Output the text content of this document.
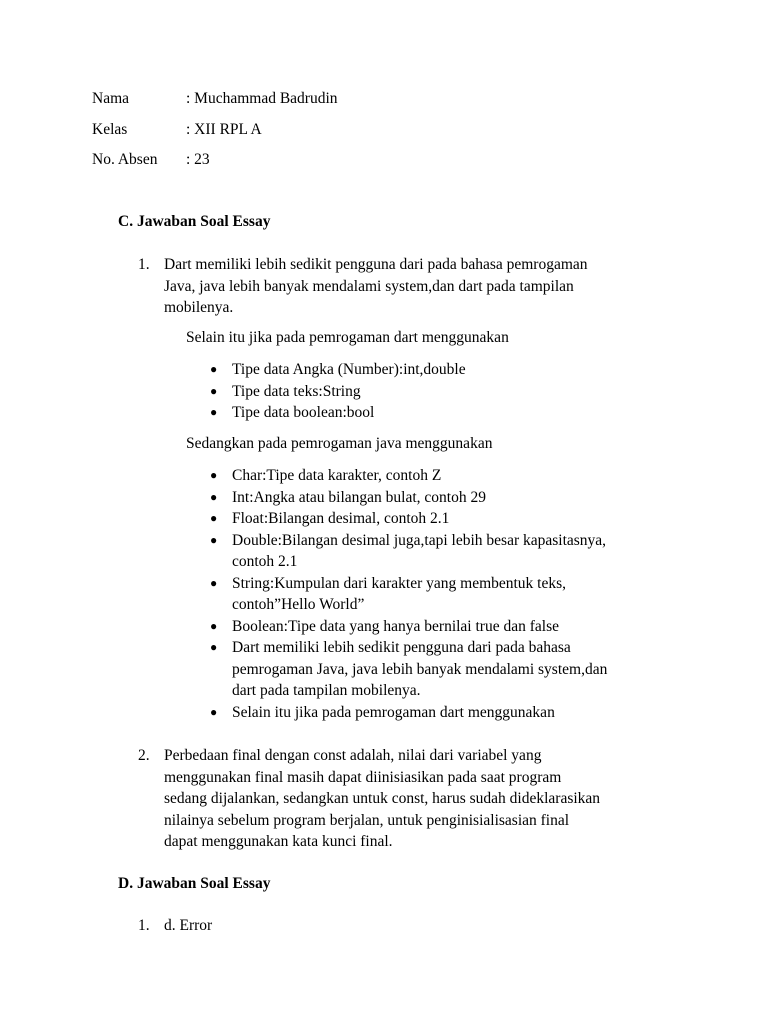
Nama	: Muchammad Badrudin
Kelas	: XII RPL A
No. Absen : 23
C. Jawaban Soal Essay
1. Dart memiliki lebih sedikit pengguna dari pada bahasa pemrogaman
Java, java lebih banyak mendalami system,dan dart pada tampilan
mobilenya.
Selain itu jika pada pemrogaman dart menggunakan
● Tipe data Angka (Number):int,double
● Tipe data teks:String
● Tipe data boolean:bool
Sedangkan pada pemrogaman java menggunakan
● Char:Tipe data karakter, contoh Z
● Int:Angka atau bilangan bulat, contoh 29
● Float:Bilangan desimal, contoh 2.1
● Double:Bilangan desimal juga,tapi lebih besar kapasitasnya,
contoh 2.1
● String:Kumpulan dari karakter yang membentuk teks,
contoh”Hello World”
● Boolean:Tipe data yang hanya bernilai true dan false
● Dart memiliki lebih sedikit pengguna dari pada bahasa
pemrogaman Java, java lebih banyak mendalami system,dan
dart pada tampilan mobilenya.
● Selain itu jika pada pemrogaman dart menggunakan
2. Perbedaan final dengan const adalah, nilai dari variabel yang
menggunakan final masih dapat diinisiasikan pada saat program
sedang dijalankan, sedangkan untuk const, harus sudah dideklarasikan
nilainya sebelum program berjalan, untuk penginisialisasian final
dapat menggunakan kata kunci final.
D. Jawaban Soal Essay
1. d. Error
